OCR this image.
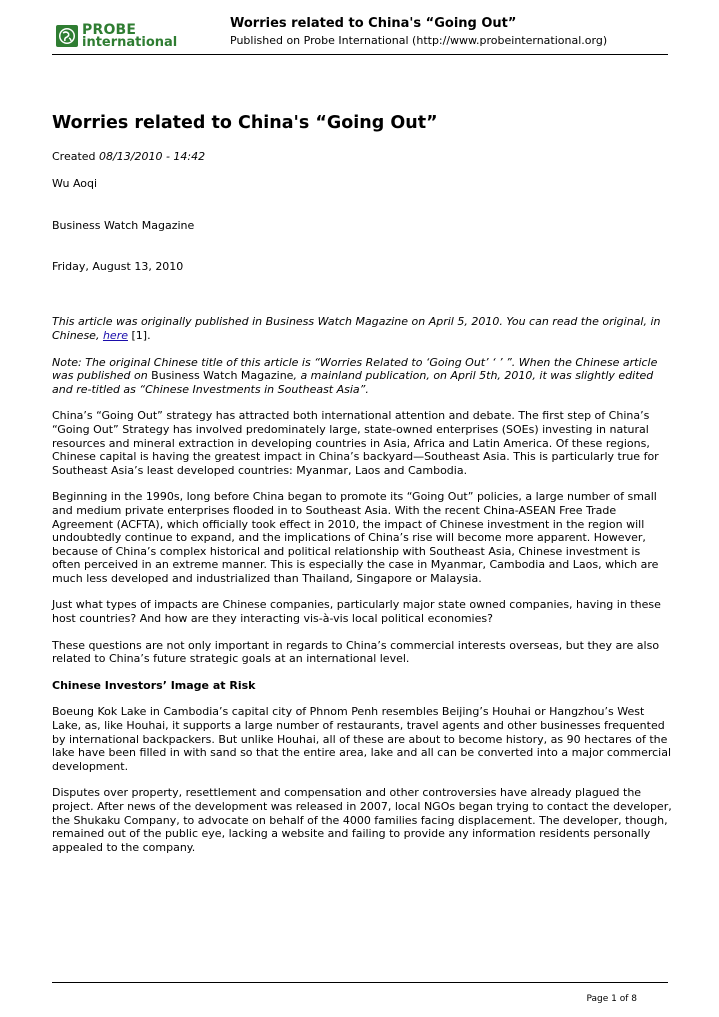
PROBE
international
Worries related to China's “Going Out”
Published on Probe International (http://www.probeinternational.org)
Worries related to China's “Going Out”

Created 08/13/2010 - 14:42

Wu Aoqi

Business Watch Magazine

Friday, August 13, 2010

This article was originally published in Business Watch Magazine on April 5, 2010. You can read the original, in Chinese, here [1].

Note: The original Chinese title of this article is “Worries Related to ‘Going Out’ ‘ ’ ”. When the Chinese article was published on Business Watch Magazine, a mainland publication, on April 5th, 2010, it was slightly edited and re-titled as “Chinese Investments in Southeast Asia”.

China’s “Going Out” strategy has attracted both international attention and debate. The first step of China’s “Going Out” Strategy has involved predominately large, state-owned enterprises (SOEs) investing in natural resources and mineral extraction in developing countries in Asia, Africa and Latin America. Of these regions, Chinese capital is having the greatest impact in China’s backyard—Southeast Asia. This is particularly true for Southeast Asia’s least developed countries: Myanmar, Laos and Cambodia.

Beginning in the 1990s, long before China began to promote its “Going Out” policies, a large number of small and medium private enterprises flooded in to Southeast Asia. With the recent China-ASEAN Free Trade Agreement (ACFTA), which officially took effect in 2010, the impact of Chinese investment in the region will undoubtedly continue to expand, and the implications of China’s rise will become more apparent. However, because of China’s complex historical and political relationship with Southeast Asia, Chinese investment is often perceived in an extreme manner. This is especially the case in Myanmar, Cambodia and Laos, which are much less developed and industrialized than Thailand, Singapore or Malaysia.

Just what types of impacts are Chinese companies, particularly major state owned companies, having in these host countries? And how are they interacting vis-à-vis local political economies?

These questions are not only important in regards to China’s commercial interests overseas, but they are also related to China’s future strategic goals at an international level.

Chinese Investors’ Image at Risk

Boeung Kok Lake in Cambodia’s capital city of Phnom Penh resembles Beijing’s Houhai or Hangzhou’s West Lake, as, like Houhai, it supports a large number of restaurants, travel agents and other businesses frequented by international backpackers. But unlike Houhai, all of these are about to become history, as 90 hectares of the lake have been filled in with sand so that the entire area, lake and all can be converted into a major commercial development.

Disputes over property, resettlement and compensation and other controversies have already plagued the project. After news of the development was released in 2007, local NGOs began trying to contact the developer, the Shukaku Company, to advocate on behalf of the 4000 families facing displacement. The developer, though, remained out of the public eye, lacking a website and failing to provide any information residents personally appealed to the company.

Page 1 of 8
